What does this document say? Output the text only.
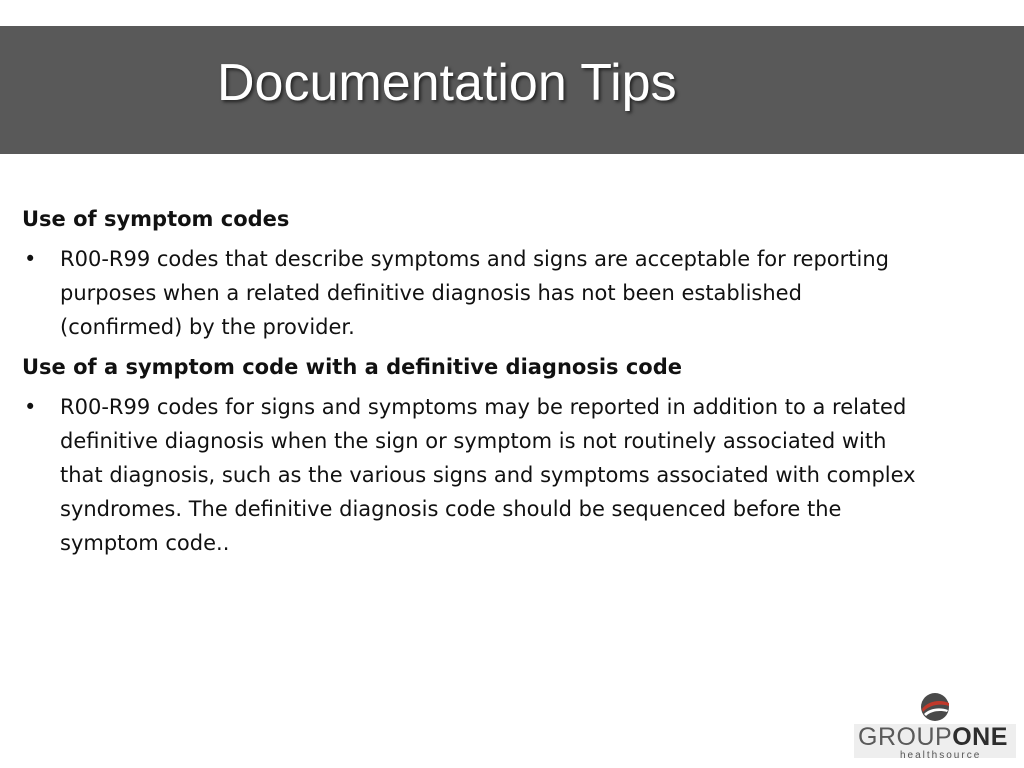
Documentation Tips

Use of symptom codes

• R00-R99 codes that describe symptoms and signs are acceptable for reporting purposes when a related definitive diagnosis has not been established (confirmed) by the provider.

Use of a symptom code with a definitive diagnosis code

• R00-R99 codes for signs and symptoms may be reported in addition to a related definitive diagnosis when the sign or symptom is not routinely associated with that diagnosis, such as the various signs and symptoms associated with complex syndromes. The definitive diagnosis code should be sequenced before the symptom code..
GROUPONE
healthsource
